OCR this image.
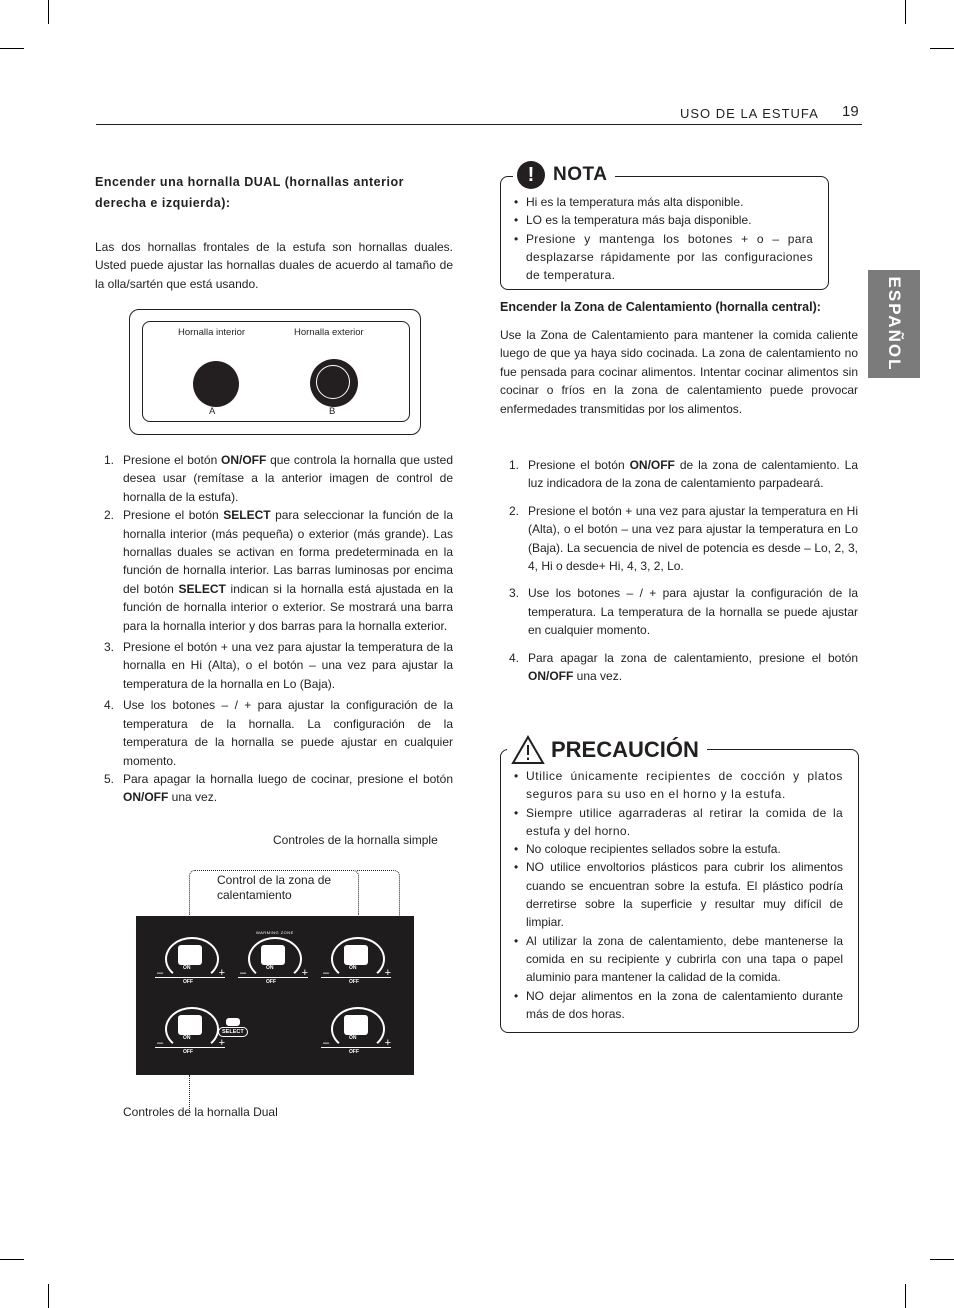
USO DE LA ESTUFA 19
ESPAÑOL
Encender una hornalla DUAL (hornallas anterior derecha e izquierda):

Las dos hornallas frontales de la estufa son hornallas duales. Usted puede ajustar las hornallas duales de acuerdo al tamaño de la olla/sartén que está usando.

Hornalla interior	Hornalla exterior
A	B
1. Presione el botón ON/OFF que controla la hornalla que usted desea usar (remítase a la anterior imagen de control de hornalla de la estufa).
2. Presione el botón SELECT para seleccionar la función de la hornalla interior (más pequeña) o exterior (más grande). Las hornallas duales se activan en forma predeterminada en la función de hornalla interior. Las barras luminosas por encima del botón SELECT indican si la hornalla está ajustada en la función de hornalla interior o exterior. Se mostrará una barra para la hornalla interior y dos barras para la hornalla exterior.
3. Presione el botón + una vez para ajustar la temperatura de la hornalla en Hi (Alta), o el botón – una vez para ajustar la temperatura de la hornalla en Lo (Baja).
4. Use los botones – / + para ajustar la configuración de la temperatura de la hornalla. La configuración de la temperatura de la hornalla se puede ajustar en cualquier momento.
5. Para apagar la hornalla luego de cocinar, presione el botón ON/OFF una vez.
Controles de la hornalla simple
Control de la zona de calentamiento
WARMING ZONE
–	+
ON
OFF
–	+
ON
OFF
–	+
ON
OFF
–	+
ON
OFF
–	+
ON
OFF
SELECT
Controles de la hornalla Dual
! NOTA
• Hi es la temperatura más alta disponible.
• LO es la temperatura más baja disponible.
• Presione y mantenga los botones + o – para desplazarse rápidamente por las configuraciones de temperatura.
Encender la Zona de Calentamiento (hornalla central):

Use la Zona de Calentamiento para mantener la comida caliente luego de que ya haya sido cocinada. La zona de calentamiento no fue pensada para cocinar alimentos. Intentar cocinar alimentos sin cocinar o fríos en la zona de calentamiento puede provocar enfermedades transmitidas por los alimentos.

1. Presione el botón ON/OFF de la zona de calentamiento. La luz indicadora de la zona de calentamiento parpadeará.
2. Presione el botón + una vez para ajustar la temperatura en Hi (Alta), o el botón – una vez para ajustar la temperatura en Lo (Baja). La secuencia de nivel de potencia es desde – Lo, 2, 3, 4, Hi o desde+ Hi, 4, 3, 2, Lo.
3. Use los botones – / + para ajustar la configuración de la temperatura. La temperatura de la hornalla se puede ajustar en cualquier momento.
4. Para apagar la zona de calentamiento, presione el botón ON/OFF una vez.
PRECAUCIÓN
• Utilice únicamente recipientes de cocción y platos seguros para su uso en el horno y la estufa.
• Siempre utilice agarraderas al retirar la comida de la estufa y del horno.
• No coloque recipientes sellados sobre la estufa.
• NO utilice envoltorios plásticos para cubrir los alimentos cuando se encuentran sobre la estufa. El plástico podría derretirse sobre la superficie y resultar muy difícil de limpiar.
• Al utilizar la zona de calentamiento, debe mantenerse la comida en su recipiente y cubrirla con una tapa o papel aluminio para mantener la calidad de la comida.
• NO dejar alimentos en la zona de calentamiento durante más de dos horas.
